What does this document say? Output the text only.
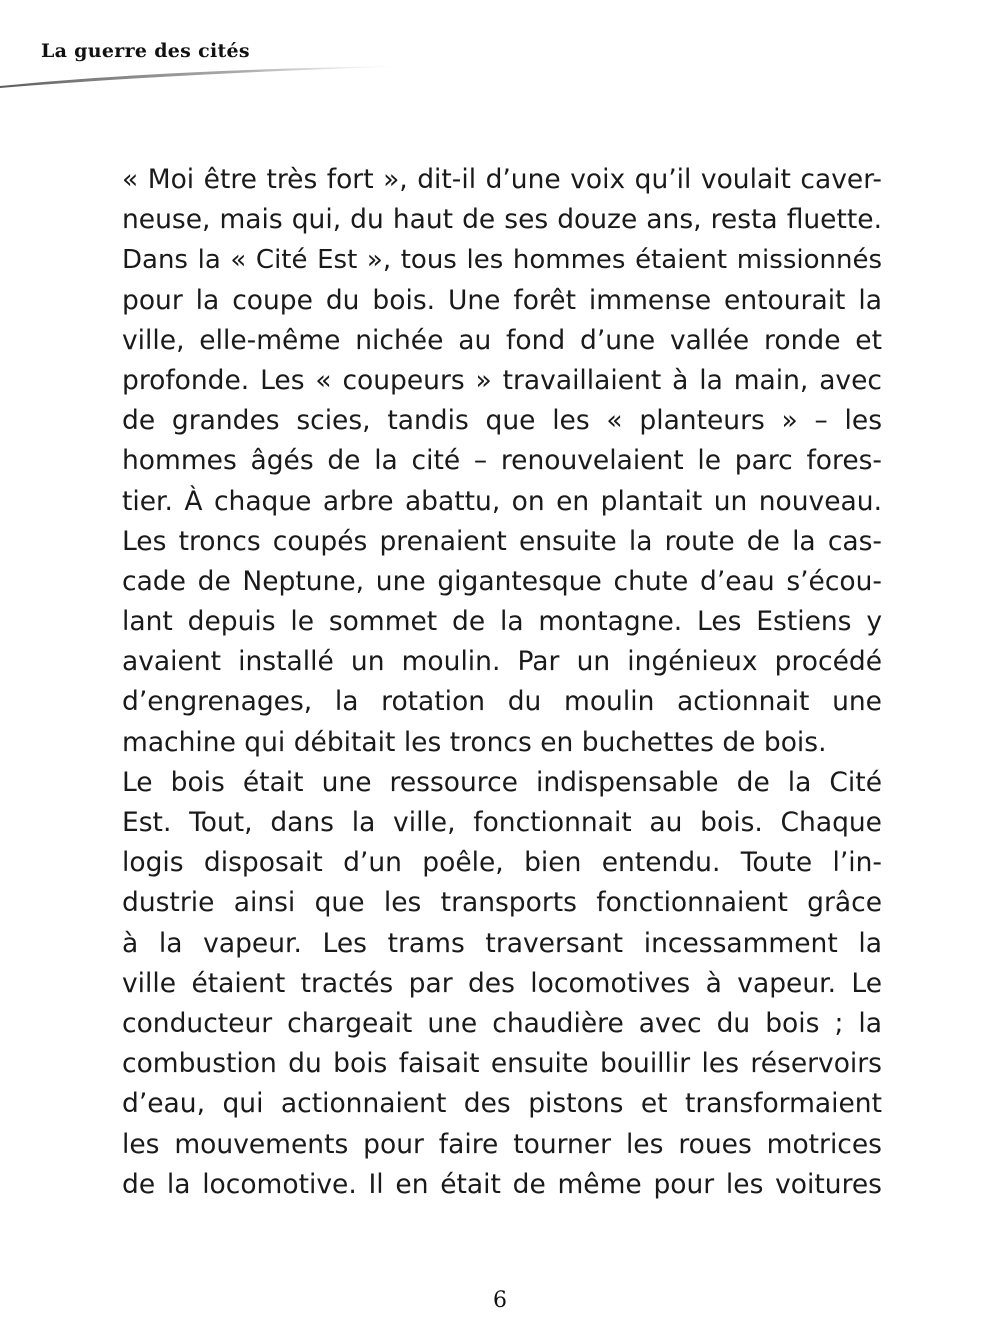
La guerre des cités
« Moi être très fort », dit-il d’une voix qu’il voulait caver-
neuse, mais qui, du haut de ses douze ans, resta fluette.
Dans la « Cité Est », tous les hommes étaient missionnés
pour la coupe du bois. Une forêt immense entourait la
ville, elle-même nichée au fond d’une vallée ronde et
profonde. Les « coupeurs » travaillaient à la main, avec
de grandes scies, tandis que les « planteurs » – les
hommes âgés de la cité – renouvelaient le parc fores-
tier. À chaque arbre abattu, on en plantait un nouveau.
Les troncs coupés prenaient ensuite la route de la cas-
cade de Neptune, une gigantesque chute d’eau s’écou-
lant depuis le sommet de la montagne. Les Estiens y
avaient installé un moulin. Par un ingénieux procédé
d’engrenages, la rotation du moulin actionnait une
machine qui débitait les troncs en buchettes de bois.
Le bois était une ressource indispensable de la Cité
Est. Tout, dans la ville, fonctionnait au bois. Chaque
logis disposait d’un poêle, bien entendu. Toute l’in-
dustrie ainsi que les transports fonctionnaient grâce
à la vapeur. Les trams traversant incessamment la
ville étaient tractés par des locomotives à vapeur. Le
conducteur chargeait une chaudière avec du bois ; la
combustion du bois faisait ensuite bouillir les réservoirs
d’eau, qui actionnaient des pistons et transformaient
les mouvements pour faire tourner les roues motrices
de la locomotive. Il en était de même pour les voitures
6
